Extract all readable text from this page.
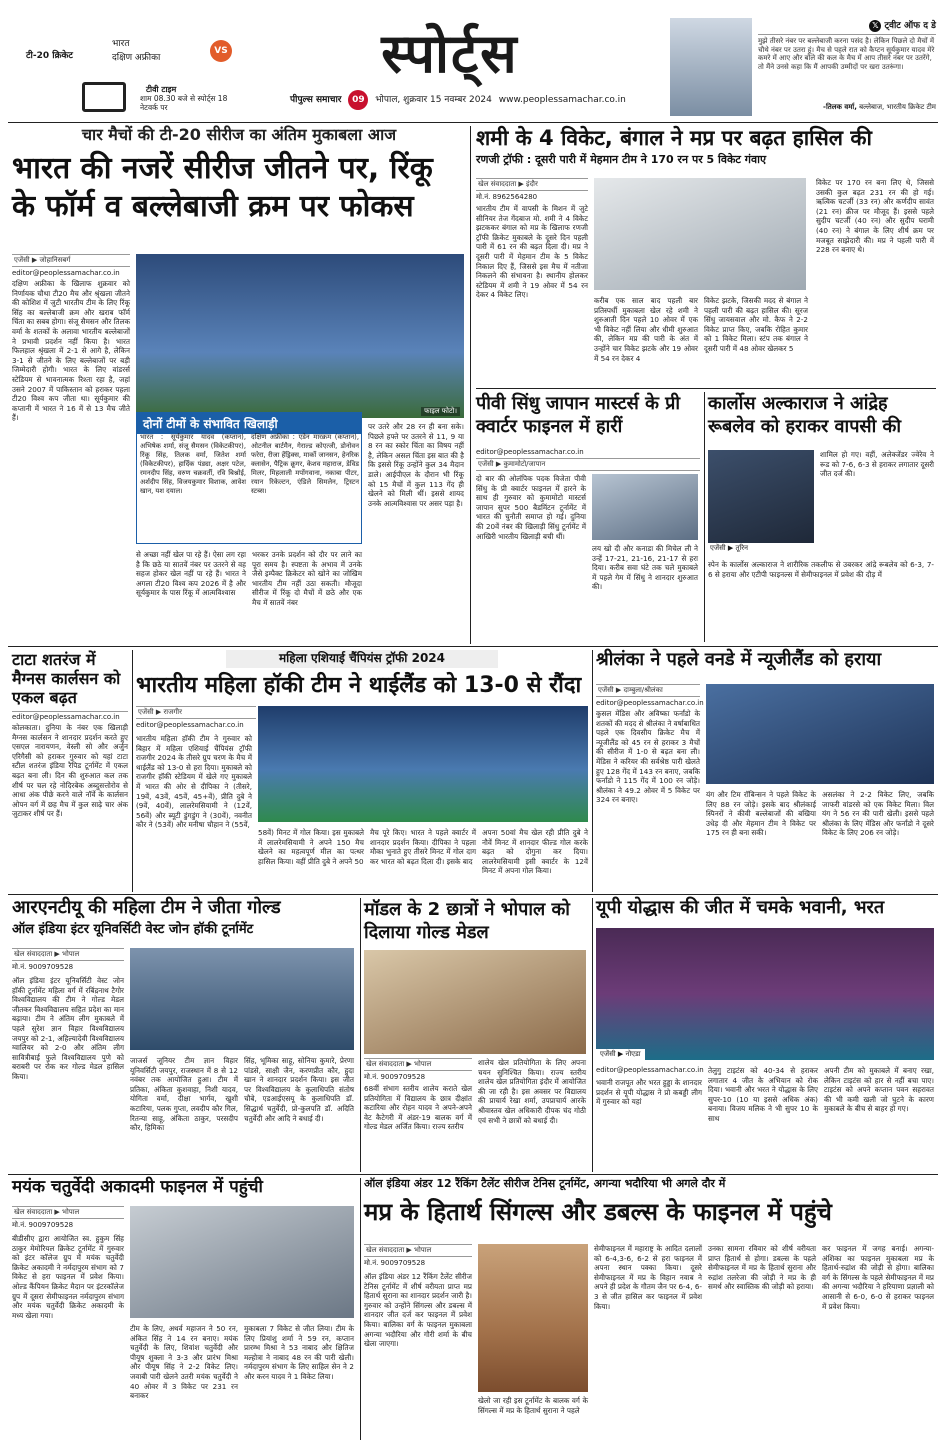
टी-20 क्रिकेट
भारत
दक्षिण अफ्रीका
VS
टीवी टाइम
शाम 08.30 बजे से स्पोर्ट्स 18 नेटवर्क पर
स्पोर्ट्स
पीपुल्स समाचार 09 भोपाल, शुक्रवार 15 नवम्बर 2024 www.peoplessamachar.co.in
𝕏 ट्वीट ऑफ द डे
मुझे तीसरे नंबर पर बल्लेबाजी करना पसंद है। लेकिन पिछले दो मैचों में चौथे नंबर पर उतरा हूं। मैच से पहले रात को कैप्टन सूर्यकुमार यादव मेरे कमरे में आए और बोले की कल के मैच में आप तीसरे नंबर पर उतरेंगे, तो मैंने उनसे कहा कि मैं आपकी उम्मीदों पर खरा उतरूंगा।
-तिलक वर्मा, बल्लेबाज, भारतीय क्रिकेट टीम
चार मैचों की टी-20 सीरीज का अंतिम मुकाबला आज
भारत की नजरें सीरीज जीतने पर, रिंकू के फॉर्म व बल्लेबाजी क्रम पर फोकस
एजेंसी ▶ जोहानिसबर्ग
editor@peoplessamachar.co.in
दक्षिण अफ्रीका के खिलाफ शुक्रवार को निर्णायक चौथा टी20 मैच और श्रृंखला जीतने की कोशिश में जुटी भारतीय टीम के लिए रिंकू सिंह का बल्लेबाजी क्रम और खराब फॉर्म चिंता का सबब होगा। संजू सैमसन और तिलक वर्मा के शतकों के अलावा भारतीय बल्लेबाजों ने प्रभावी प्रदर्शन नहीं किया है। भारत फिलहाल श्रृंखला में 2-1 से आगे है, लेकिन 3-1 से जीतने के लिए बल्लेबाजों पर बड़ी जिम्मेदारी होगी। भारत के लिए वांडरर्स स्टेडियम से भावनात्मक रिश्ता रहा है, जहां उसने 2007 में पाकिस्तान को हराकर पहला टी20 विश्व कप जीता था। सूर्यकुमार की कप्तानी में भारत ने 16 में से 13 मैच जीते हैं।
फाइल फोटो।
दोनों टीमों के संभावित खिलाड़ी
भारत : सूर्यकुमार यादव (कप्तान), अभिषेक शर्मा, संजू सैमसन (विकेटकीपर), रिंकू सिंह, तिलक वर्मा, जितेश शर्मा (विकेटकीपर), हार्दिक पंड्या, अक्षर पटेल, रमनदीप सिंह, वरुण चक्रवर्ती, रवि बिश्नोई, अर्शदीप सिंह, विजयकुमार विशाक, आवेश खान, यश दयाल।
दक्षिण अफ्रीका : एडेन मारक्रम (कप्तान), ओटनील बार्टमैन, गेराल्ड कोएत्जी, डोनोवन फरेरा, रीजा हेंड्रिक्स, मार्को जानसन, हेनरिक क्लासेन, पैट्रिक क्रूगर, केशव महाराज, डेविड मिलर, मिहलाली मपोंगवाना, नकाबा पीटर, रयान रिकेल्टन, एंडिले सिमलेन, ट्रिस्टन स्टब्स।
से अच्छा नहीं खेल पा रहे हैं। ऐसा लग रहा है कि छठे या सातवें नंबर पर उतरने से वह सहज होकर खेल नहीं पा रहे हैं। भारत ने अगला टी20 विश्व कप 2026 में है और सूर्यकुमार के पास रिंकू में आत्मविश्वास
भरकर उनके प्रदर्शन को दौर पर लाने का पूरा समय है। स्पष्टता के अभाव में उनके जैसे इम्पैक्ट क्रिकेटर को खोने का जोखिम भारतीय टीम नहीं उठा सकती। मौजूदा सीरीज में रिंकू दो मैचों में छठे और एक मैच में सातवें नंबर
पर उतरे और 28 रन ही बना सके। पिछले हफ्ते पर उतरने से 11, 9 या 8 रन का स्कोर चिंता का विषय नहीं है, लेकिन असल चिंता इस बात की है कि इससे रिंकू उन्होंने कुल 34 मैदान डाले। आईपीएल के दौरान भी रिंकू को 15 मैचों में कुल 113 गेंद ही खेलने को मिली थीं। इससे शायद उनके आत्मविश्वास पर असर पड़ा है।
शमी के 4 विकेट, बंगाल ने मप्र पर बढ़त हासिल की
रणजी ट्रॉफी : दूसरी पारी में मेहमान टीम ने 170 रन पर 5 विकेट गंवाए
खेल संवाददाता ▶ इंदौर
मो.नं. 8962564280
भारतीय टीम में वापसी के मिशन में जुटे सीनियर तेज गेंदबाज मो. शमी ने 4 विकेट झटककर बंगाल को मप्र के खिलाफ रणजी ट्रॉफी क्रिकेट मुकाबले के दूसरे दिन पहली पारी में 61 रन की बढ़त दिला दी। मप्र ने दूसरी पारी में मेहमान टीम के 5 विकेट निकाल दिए हैं, जिससे इस मैच में नतीजा निकलने की संभावना है। स्थानीय होलकर स्टेडियम में शमी ने 19 ओवर में 54 रन देकर 4 विकेट लिए।
करीब एक साल बाद पहली बार प्रतिस्पर्धी मुकाबला खेल रहे शमी ने शुरुआती दिन पहले 10 ओवर में एक भी विकेट नहीं लिया और धीमी शुरुआत की, लेकिन मप्र की पारी के अंत में उन्होंने चार विकेट झटके और 19 ओवर में 54 रन देकर 4
विकेट झटके, जिसकी मदद से बंगाल ने पहली पारी की बढ़त हासिल की। सूरज सिंधु जायसवाल और मो. कैफ ने 2-2 विकेट प्राप्त किए, जबकि रोहित कुमार को 1 विकेट मिला। स्टंप तक बंगाल ने दूसरी पारी में 48 ओवर खेलकर 5
विकेट पर 170 रन बना लिए थे, जिससे उसकी कुल बढ़त 231 रन की हो गई। ऋत्विक चटर्जी (33 रन) और कर्णदीप सावंत (21 रन) क्रीज पर मौजूद हैं। इससे पहले सुदीप चटर्जी (40 रन) और सुदीप घरामी (40 रन) ने बंगाल के लिए शीर्ष क्रम पर मजबूत साझेदारी की। मप्र ने पहली पारी में 228 रन बनाए थे।
पीवी सिंधु जापान मास्टर्स के प्री क्वार्टर फाइनल में हारीं
editor@peoplessamachar.co.in
एजेंसी ▶ कुमामोटो/जापान
दो बार की ओलंपिक पदक विजेता पीवी सिंधु के प्री क्वार्टर फाइनल में हारने के साथ ही गुरुवार को कुमामोटो मास्टर्स जापान सुपर 500 बैडमिंटन टूर्नामेंट में भारत की चुनौती समाप्त हो गई। दुनिया की 20वें नंबर की खिलाड़ी सिंधु टूर्नामेंट में आखिरी भारतीय खिलाड़ी बची थीं।
लय खो दी और कनाडा की मिचेल ली ने उन्हें 17-21, 21-16, 21-17 से हरा दिया। करीब सवा घंटे तक चले मुकाबले में पहले गेम में सिंधु ने शानदार शुरुआत की।
कार्लोस अल्काराज ने आंद्रेह रूबलेव को हराकर वापसी की
एजेंसी ▶ तूरिन
शामिल हो गए। वहीं, अलेक्जेंडर ज्वेरेव ने रूड को 7-6, 6-3 से हराकर लगातार दूसरी जीत दर्ज की।
स्पेन के कार्लोस अल्काराज ने शारीरिक तकलीफ से उबरकर आंद्रे रूबलेव को 6-3, 7-6 से हराया और एटीपी फाइनल्स में सेमीफाइनल में प्रवेश की दौड़ में
टाटा शतरंज में मैग्नस कार्लसन को एकल बढ़त
editor@peoplessamachar.co.in
कोलकाता। दुनिया के नंबर एक खिलाड़ी मैग्नस कार्लसन ने शानदार प्रदर्शन करते हुए एसएल नारायणन, वेस्ली सो और अर्जुन एरिगैसी को हराकर गुरुवार को यहां टाटा स्टील शतरंज इंडिया रैपिड टूर्नामेंट में एकल बढ़त बना ली। दिन की शुरुआत कल तक शीर्ष पर चल रहे नोदिरबेक अब्दुसत्तोरोव से आधा अंक पीछे करने वाले नॉर्वे के कार्लसन ओपन वर्ग में छह मैच में कुल साढ़े चार अंक जुटाकर शीर्ष पर हैं।
महिला एशियाई चैंपियंस ट्रॉफी 2024
भारतीय महिला हॉकी टीम ने थाईलैंड को 13-0 से रौंदा
एजेंसी ▶ राजगीर
editor@peoplessamachar.co.in
भारतीय महिला हॉकी टीम ने गुरुवार को बिहार में महिला एशियाई चैंपियंस ट्रॉफी राजगीर 2024 के तीसरे ग्रुप चरण के मैच में थाईलैंड को 13-0 से हरा दिया। मुकाबले को राजगीर हॉकी स्टेडियम में खेले गए मुकाबले में भारत की ओर से दीपिका ने (तीसरे, 19वें, 43वें, 45वें, 45+वें), प्रीति दुबे ने (9वें, 40वें), लालरेमसियामी ने (12वें, 56वें) और ब्यूटी डुंगडुंग ने (30वें), नवनीत कौर ने (53वें) और मनीषा चौहान ने (55वें,
58वें) मिनट में गोल किया। इस मुकाबले में लालरेमसियामी ने अपने 150 मैच खेलने का महत्वपूर्ण मील का पत्थर हासिल किया। वहीं प्रीति दुबे ने अपने 50
मैच पूरे किए। भारत ने पहले क्वार्टर में शानदार प्रदर्शन किया। दीपिका ने पहला मौका भुनाते हुए तीसरे मिनट में गोल दाग कर भारत को बढ़त दिला दी। इसके बाद
अपना 50वां मैच खेल रही प्रीति दुबे ने नौवें मिनट में शानदार फील्ड गोल करके बढ़त को दोगुना कर दिया। लालरेमसियामी इसी क्वार्टर के 12वें मिनट में अपना गोल किया।
श्रीलंका ने पहले वनडे में न्यूजीलैंड को हराया
एजेंसी ▶ दाम्बुला/श्रीलंका
editor@peoplessamachar.co.in
कुसल मेंडिस और अविष्का फर्नांडो के शतकों की मदद से श्रीलंका ने वर्षाबाधित पहले एक दिवसीय क्रिकेट मैच में न्यूजीलैंड को 45 रन से हराकर 3 मैचों की सीरीज में 1-0 से बढ़त बना ली। मेंडिस ने करियर की सर्वश्रेष्ठ पारी खेलते हुए 128 गेंद में 143 रन बनाए, जबकि फर्नांडो ने 115 गेंद में 100 रन जोड़े। श्रीलंका ने 49.2 ओवर में 5 विकेट पर 324 रन बनाए।
यंग और टिम रॉबिन्सन ने पहले विकेट के लिए 88 रन जोड़े। इसके बाद श्रीलंकाई स्पिनरों ने कीवी बल्लेबाजों की बखिया उधेड़ दी और मेहमान टीम ने विकेट पर 175 रन ही बना सकी।
असलंका ने 2-2 विकेट लिए, जबकि जाफरी वांडरसे को एक विकेट मिला। विल यंग ने 56 रन की पारी खेली। इससे पहले श्रीलंका के लिए मेंडिस और फर्नांडो ने दूसरे विकेट के लिए 206 रन जोड़े।
आरएनटीयू की महिला टीम ने जीता गोल्ड
ऑल इंडिया इंटर यूनिवर्सिटी वेस्ट जोन हॉकी टूर्नामेंट
खेल संवाददाता ▶ भोपाल
मो.नं. 9009709528
ऑल इंडिया इंटर यूनिवर्सिटी वेस्ट जोन हॉकी टूर्नामेंट महिला वर्ग में रबिंद्रनाथ टैगोर विश्वविद्यालय की टीम ने गोल्ड मेडल जीतकर विश्वविद्यालय सहित प्रदेश का मान बढ़ाया। टीम ने अंतिम लीग मुकाबले में पहले सुरेश ज्ञान विहार विश्वविद्यालय जयपुर को 2-1, अहिल्यादेवी विश्वविद्यालय ग्वालियर को 2-0 और अंतिम लीग सावित्रीबाई फुले विश्वविद्यालय पुणे को बराबरी पर रोक कर गोल्ड मेडल हासिल किया।
जाजर्स जूनियर टीम ज्ञान विहार यूनिवर्सिटी जयपुर, राजस्थान में 8 से 12 नवंबर तक आयोजित हुआ। टीम में प्रतिका, अंकिता कुशवाहा, निशी यादव, योगिता वर्मा, दीक्षा भार्गव, खुशी कटारिया, पलक गुप्ता, लवदीप कौर गिल, रितन्या साहू, अंकिता ठाकुर, परसदीप कौर, हिमिका
सिंह, भूमिका साहू, सोनिया कुमारे, प्रेरणा पांडसे, साक्षी जैन, करणप्रीत कौर, हुदा खान ने शानदार प्रदर्शन किया। इस जीत पर विश्वविद्यालय के कुलाधिपति संतोष चौबे, एडआईएसयू के कुलाधिपति डॉ. सिद्धार्थ चतुर्वेदी, प्रो-कुलपति डॉ. अदिति चतुर्वेदी और आदि ने बधाई दी।
मॉडल के 2 छात्रों ने भोपाल को दिलाया गोल्ड मेडल
खेल संवाददाता ▶ भोपाल
मो.नं. 9009709528
68वीं संभाग स्तरीय शालेय कराते खेल प्रतियोगिता में विद्यालय के छात्र दीक्षांत कटारिया और रोहन यादव ने अपने-अपने वेट कैटेगरी में अंडर-19 बालक वर्ग में गोल्ड मेडल अर्जित किया। राज्य स्तरीय
शालेय खेल प्रतियोगिता के लिए अपना चयन सुनिश्चित किया। राज्य स्तरीय शालेय खेल प्रतियोगिता इंदौर में आयोजित की जा रही है। इस अवसर पर विद्यालय की प्राचार्य रेखा शर्मा, उपप्राचार्य आरके श्रीवास्तव खेल अधिकारी दीपक चंद गोठी एवं सभी ने छात्रों को बधाई दी।
यूपी योद्धास की जीत में चमके भवानी, भरत
एजेंसी ▶ नोएडा
editor@peoplessamachar.co.in
भवानी राजपूत और भरत हुड्डा के शानदार प्रदर्शन से यूपी योद्धास ने प्रो कबड्डी लीग में गुरुवार को यहां
तेलुगु टाइटंस को 40-34 से हराकर लगातार 4 जीत के अभियान को रोक दिया। भवानी और भरत ने योद्धास के लिए सुपर-10 (10 या इससे अधिक अंक) बनाया। विजय मलिक ने भी सुपर 10 के साथ
अपनी टीम को मुकाबले में बनाए रखा, लेकिन टाइटंस को हार से नहीं बचा पाए। टाइटंस को अपने कप्तान पवन सहरावत की भी कमी खली जो घुटने के कारण मुकाबले के बीच से बाहर हो गए।
मयंक चतुर्वेदी अकादमी फाइनल में पहुंची
खेल संवाददाता ▶ भोपाल
मो.नं. 9009709528
बीडीसीए द्वारा आयोजित स्व. हुकुम सिंह ठाकुर मेमोरियल क्रिकेट टूर्नामेंट में गुरुवार को इंटर कॉलेज ग्रुप में मयंक चतुर्वेदी क्रिकेट अकादमी ने नर्मदापुरम संभाग को 7 विकेट से हरा फाइनल में प्रवेश किया। ओल्ड कैंपियन क्रिकेट मैदान पर इंटरकॉलेज ग्रुप में दूसरा सेमीफाइनल नर्मदापुरम संभाग और मयंक चतुर्वेदी क्रिकेट अकादमी के मध्य खेला गया।
टीम के लिए, अथर्व महाजन ने 50 रन, अंकित सिंह ने 14 रन बनाए। मयंक चतुर्वेदी के लिए, शिवांश चतुर्वेदी और पीयूष शुक्ला ने 3-3 और प्रारंभ मिश्रा और पीयूष सिंह ने 2-2 विकेट लिए। जवाबी पारी खेलने उतरी मयंक चतुर्वेदी ने 40 ओवर में 3 विकेट पर 231 रन बनाकर
मुकाबला 7 विकेट से जीत लिया। टीम के लिए प्रियांशु शर्मा ने 59 रन, कप्तान प्रारम्भ मिश्रा ने 53 नाबाद और क्षितिज मल्होत्रा ने नाबाद 48 रन की पारी खेली। नर्मदापुरम संभाग के लिए साहिल सेन ने 2 और करन यादव ने 1 विकेट लिया।
ऑल इंडिया अंडर 12 रैंकिंग टैलेंट सीरीज टेनिस टूर्नामेंट, अगन्या भदौरिया भी अगले दौर में
मप्र के हितार्थ सिंगल्स और डबल्स के फाइनल में पहुंचे
खेल संवाददाता ▶ भोपाल
मो.नं. 9009709528
ऑल इंडिया अंडर 12 रैंकिंग टैलेंट सीरीज टेनिस टूर्नामेंट में शीर्ष वरीयता प्राप्त मप्र हितार्थ सुराना का शानदार प्रदर्शन जारी है। गुरुवार को उन्होंने सिंगल्स और डबल्स में शानदार जीत दर्ज कर फाइनल में प्रवेश किया। बालिका वर्ग के फाइनल मुकाबला अगन्या भदौरिया और गौरी शर्मा के बीच खेला जाएगा।
खेलो जा रही इस टूर्नामेंट के बालक वर्ग के सिंगल्स में मप्र के हितार्थ सुराना ने पहले
सेमीफाइनल में महाराष्ट्र के आदित दलालों को 6-4,3-6, 6-2 से हरा फाइनल में अपना स्थान पक्का किया। दूसरे सेमीफाइनल में मप्र के विहान नवाब ने अपने ही प्रदेश के गौतम जैन पर 6-4, 6-3 से जीत हासिल कर फाइनल में प्रवेश किया।
उनका सामना रविवार को शीर्ष वरीयता प्राप्त हितार्थ से होगा। डबल्स के पहले सेमीफाइनल में मप्र के हितार्थ सुराना और रुद्रांश तलरेजा की जोड़ी ने मप्र के ही समर्थ और स्वास्तिक की जोड़ी को हराया।
कर फाइनल में जगह बनाई। अगन्या-अंशिका का फाइनल मुकाबला मप्र के हितार्थ-रुद्रांश की जोड़ी से होगा। बालिका वर्ग के सिंगल्स के पहले सेमीफाइनल में मप्र की अगन्या भदौरिया ने हरियाणा प्रज्ञाली को आसानी से 6-0, 6-0 से हराकर फाइनल में प्रवेश किया।
